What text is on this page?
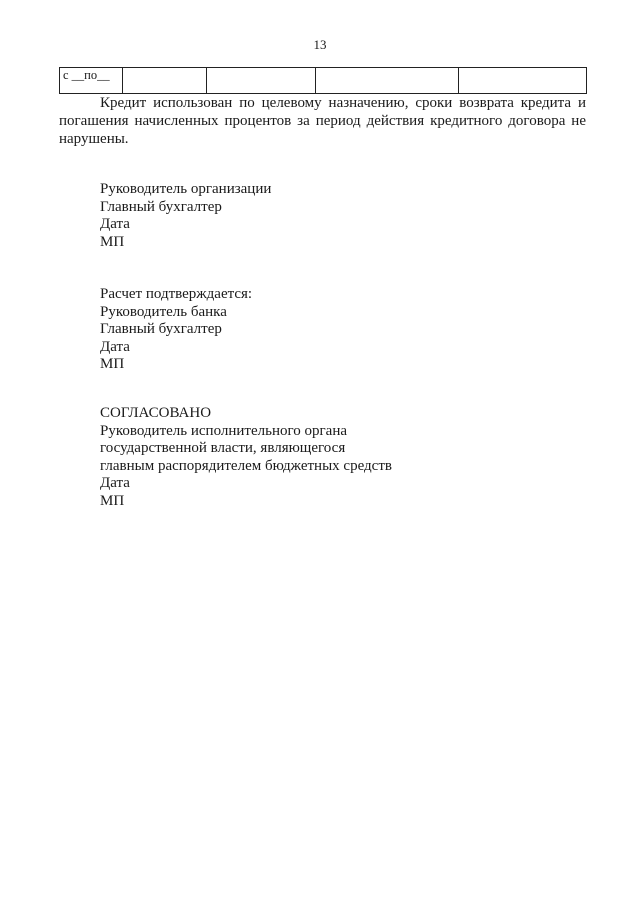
13
с __по__				

Кредит использован по целевому назначению, сроки возврата кредита и погашения начисленных процентов за период действия кредитного договора не нарушены.

Руководитель организации
Главный бухгалтер
Дата
МП
Расчет подтверждается:
Руководитель банка
Главный бухгалтер
Дата
МП
СОГЛАСОВАНО
Руководитель исполнительного органа
государственной власти, являющегося
главным распорядителем бюджетных средств
Дата
МП
